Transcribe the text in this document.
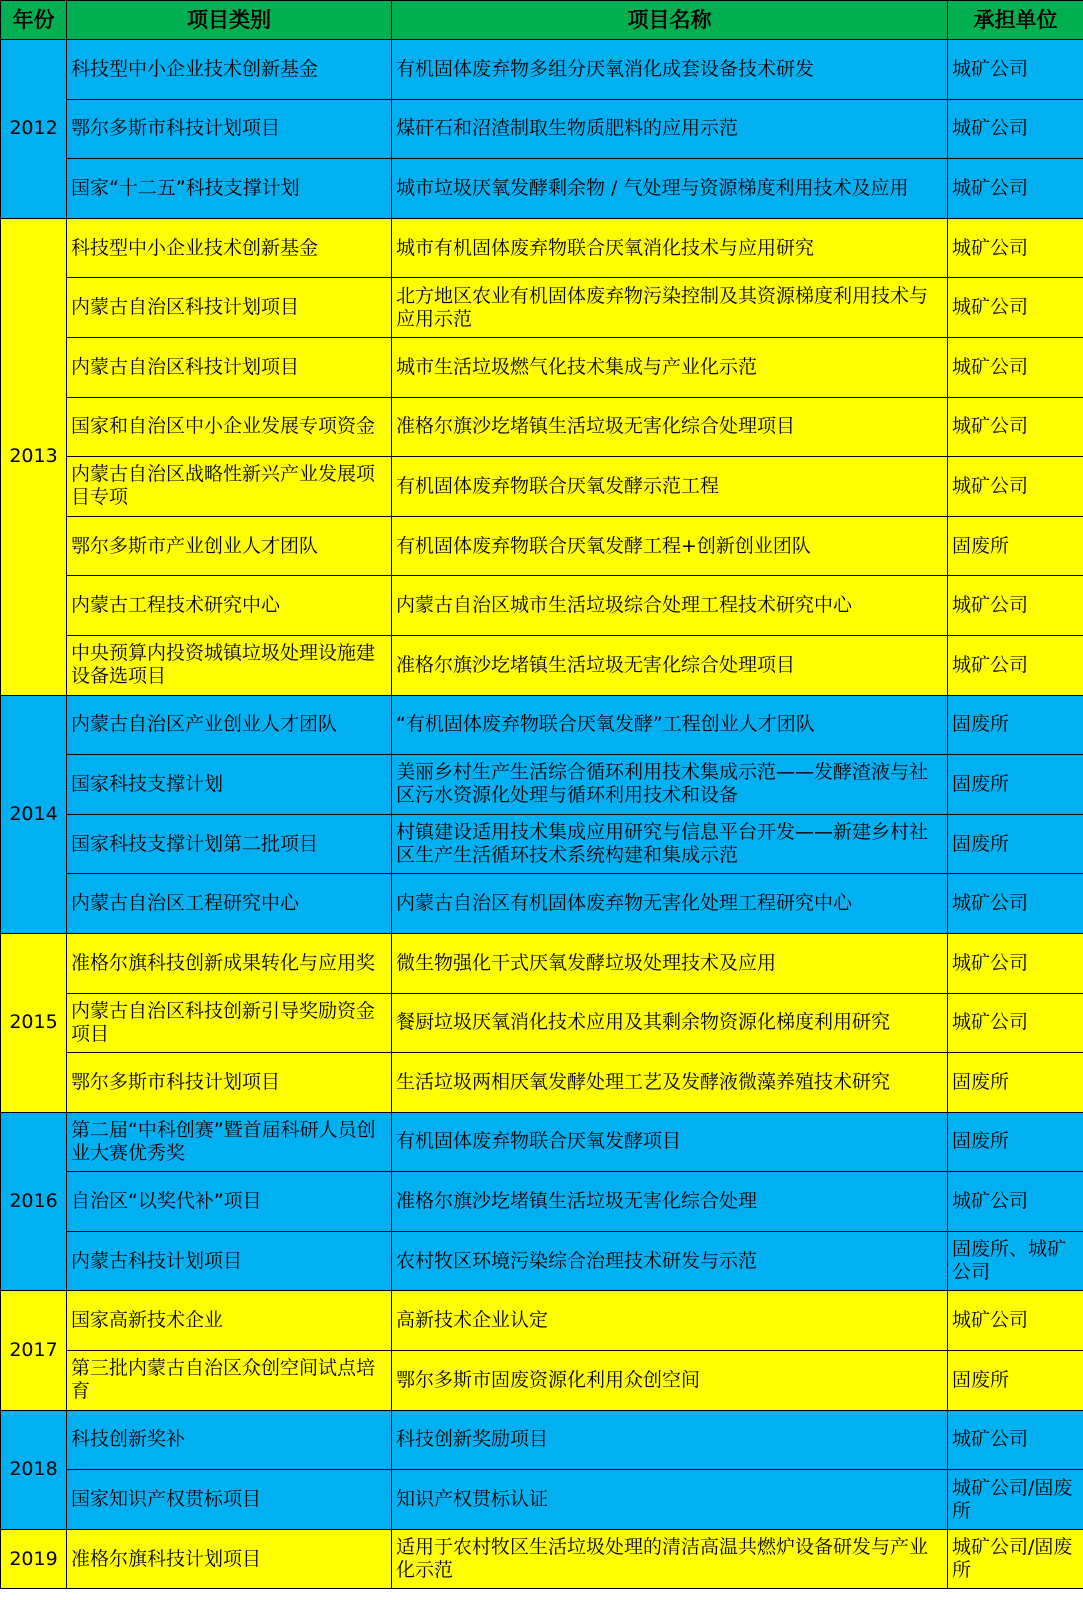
年份	项目类别	项目名称	承担单位
2012	科技型中小企业技术创新基金	有机固体废弃物多组分厌氧消化成套设备技术研发	城矿公司
	鄂尔多斯市科技计划项目	煤矸石和沼渣制取生物质肥料的应用示范	城矿公司
	国家“十二五”科技支撑计划	城市垃圾厌氧发酵剩余物 / 气处理与资源梯度利用技术及应用	城矿公司
2013	科技型中小企业技术创新基金	城市有机固体废弃物联合厌氧消化技术与应用研究	城矿公司
	内蒙古自治区科技计划项目	北方地区农业有机固体废弃物污染控制及其资源梯度利用技术与应用示范	城矿公司
	内蒙古自治区科技计划项目	城市生活垃圾燃气化技术集成与产业化示范	城矿公司
	国家和自治区中小企业发展专项资金	准格尔旗沙圪堵镇生活垃圾无害化综合处理项目	城矿公司
	内蒙古自治区战略性新兴产业发展项目专项	有机固体废弃物联合厌氧发酵示范工程	城矿公司
	鄂尔多斯市产业创业人才团队	有机固体废弃物联合厌氧发酵工程+创新创业团队	固废所
	内蒙古工程技术研究中心	内蒙古自治区城市生活垃圾综合处理工程技术研究中心	城矿公司
	中央预算内投资城镇垃圾处理设施建设备选项目	准格尔旗沙圪堵镇生活垃圾无害化综合处理项目	城矿公司
2014	内蒙古自治区产业创业人才团队	“有机固体废弃物联合厌氧发酵”工程创业人才团队	固废所
	国家科技支撑计划	美丽乡村生产生活综合循环利用技术集成示范——发酵渣液与社区污水资源化处理与循环利用技术和设备	固废所
	国家科技支撑计划第二批项目	村镇建设适用技术集成应用研究与信息平台开发——新建乡村社区生产生活循环技术系统构建和集成示范	固废所
	内蒙古自治区工程研究中心	内蒙古自治区有机固体废弃物无害化处理工程研究中心	城矿公司
2015	准格尔旗科技创新成果转化与应用奖	微生物强化干式厌氧发酵垃圾处理技术及应用	城矿公司
	内蒙古自治区科技创新引导奖励资金项目	餐厨垃圾厌氧消化技术应用及其剩余物资源化梯度利用研究	城矿公司
	鄂尔多斯市科技计划项目	生活垃圾两相厌氧发酵处理工艺及发酵液微藻养殖技术研究	固废所
2016	第二届“中科创赛”暨首届科研人员创业大赛优秀奖	有机固体废弃物联合厌氧发酵项目	固废所
	自治区“以奖代补”项目	准格尔旗沙圪堵镇生活垃圾无害化综合处理	城矿公司
	内蒙古科技计划项目	农村牧区环境污染综合治理技术研发与示范	固废所、城矿公司
2017	国家高新技术企业	高新技术企业认定	城矿公司
	第三批内蒙古自治区众创空间试点培育	鄂尔多斯市固废资源化利用众创空间	固废所
2018	科技创新奖补	科技创新奖励项目	城矿公司
	国家知识产权贯标项目	知识产权贯标认证	城矿公司/固废所
2019	准格尔旗科技计划项目	适用于农村牧区生活垃圾处理的清洁高温共燃炉设备研发与产业化示范	城矿公司/固废所
